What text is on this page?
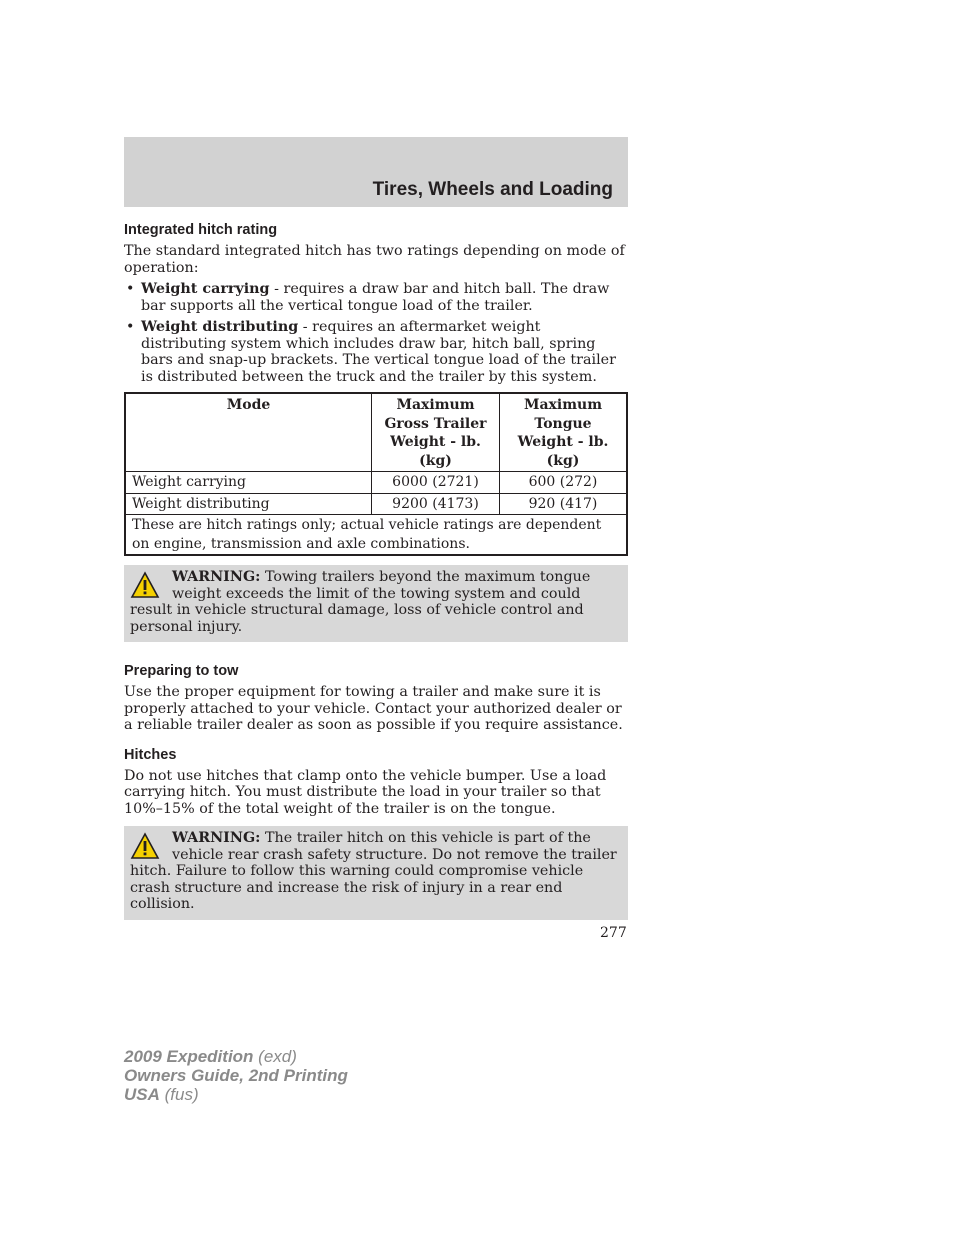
Tires, Wheels and Loading
Integrated hitch rating

The standard integrated hitch has two ratings depending on mode of operation:

• Weight carrying - requires a draw bar and hitch ball. The draw bar supports all the vertical tongue load of the trailer.
• Weight distributing - requires an aftermarket weight distributing system which includes draw bar, hitch ball, spring bars and snap-up brackets. The vertical tongue load of the trailer is distributed between the truck and the trailer by this system.
Mode	Maximum Gross Trailer Weight - lb. (kg)	Maximum Tongue Weight - lb. (kg)
Weight carrying	6000 (2721)	600 (272)
Weight distributing	9200 (4173)	920 (417)
These are hitch ratings only; actual vehicle ratings are dependent on engine, transmission and axle combinations.		
WARNING: Towing trailers beyond the maximum tongue weight exceeds the limit of the towing system and could result in vehicle structural damage, loss of vehicle control and personal injury.
Preparing to tow

Use the proper equipment for towing a trailer and make sure it is properly attached to your vehicle. Contact your authorized dealer or a reliable trailer dealer as soon as possible if you require assistance.

Hitches

Do not use hitches that clamp onto the vehicle bumper. Use a load carrying hitch. You must distribute the load in your trailer so that 10%–15% of the total weight of the trailer is on the tongue.

WARNING: The trailer hitch on this vehicle is part of the vehicle rear crash safety structure. Do not remove the trailer hitch. Failure to follow this warning could compromise vehicle crash structure and increase the risk of injury in a rear end collision.
277
2009 Expedition (exd)
Owners Guide, 2nd Printing
USA (fus)
